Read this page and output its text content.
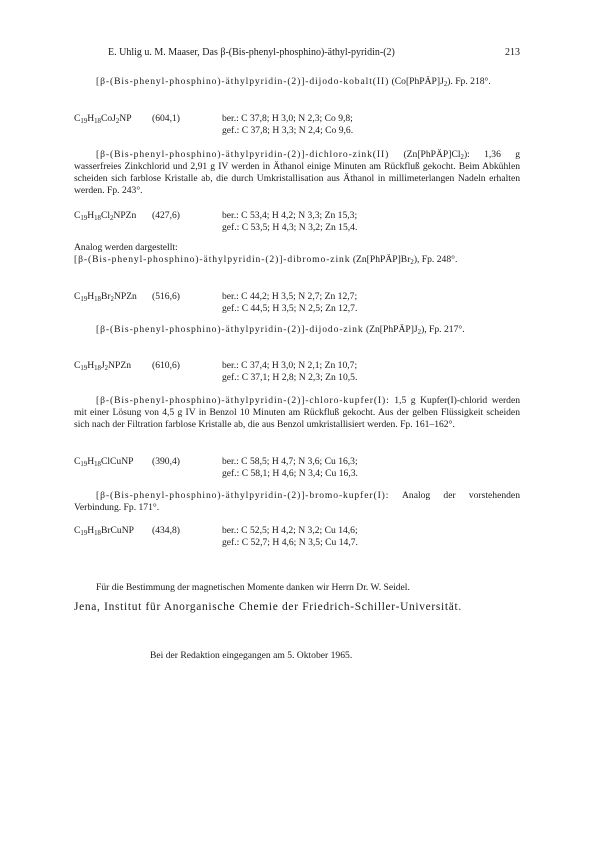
E. Uhlig u. M. Maaser, Das β-(Bis-phenyl-phosphino)-äthyl-pyridin-(2)	213

[β-(Bis-phenyl-phosphino)-äthylpyridin-(2)]-dijodo-kobalt(II) $(Co[PhPÄP]J_2)$. Fp. 218°.

$C_{19}H_{18}CoJ_2NP$ (604,1)	ber.: C 37,8; H 3,0; N 2,3; Co 9,8;
gef.: C 37,8; H 3,3; N 2,4; Co 9,6.

[β-(Bis-phenyl-phosphino)-äthylpyridin-(2)]-dichloro-zink(II) $(Zn[PhPÄP]Cl_2)$: 1,36 g wasserfreies Zinkchlorid und 2,91 g IV werden in Äthanol einige Minuten am Rückfluß gekocht. Beim Abkühlen scheiden sich farblose Kristalle ab, die durch Umkristallisation aus Äthanol in millimeterlangen Nadeln erhalten werden. Fp. 243°.

$C_{19}H_{18}Cl_2NPZn$ (427,6)	ber.: C 53,4; H 4,2; N 3,3; Zn 15,3;
gef.: C 53,5; H 4,3; N 3,2; Zn 15,4.

Analog werden dargestellt:

[β-(Bis-phenyl-phosphino)-äthylpyridin-(2)]-dibromo-zink $(Zn[PhPÄP]Br_2)$, Fp. 248°.

$C_{19}H_{18}Br_2NPZn$ (516,6)	ber.: C 44,2; H 3,5; N 2,7; Zn 12,7;
gef.: C 44,5; H 3,5; N 2,5; Zn 12,7.

[β-(Bis-phenyl-phosphino)-äthylpyridin-(2)]-dijodo-zink $(Zn[PhPÄP]J_2)$, Fp. 217°.

$C_{19}H_{18}J_2NPZn$ (610,6)	ber.: C 37,4; H 3,0; N 2,1; Zn 10,7;
gef.: C 37,1; H 2,8; N 2,3; Zn 10,5.

[β-(Bis-phenyl-phosphino)-äthylpyridin-(2)]-chloro-kupfer(I): 1,5 g Kupfer(I)-chlorid werden mit einer Lösung von 4,5 g IV in Benzol 10 Minuten am Rückfluß gekocht. Aus der gelben Flüssigkeit scheiden sich nach der Filtration farblose Kristalle ab, die aus Benzol umkristallisiert werden. Fp. 161–162°.

$C_{19}H_{18}ClCuNP$ (390,4)	ber.: C 58,5; H 4,7; N 3,6; Cu 16,3;
gef.: C 58,1; H 4,6; N 3,4; Cu 16,3.

[β-(Bis-phenyl-phosphino)-äthylpyridin-(2)]-bromo-kupfer(I): Analog der vorstehenden Verbindung. Fp. 171°.

$C_{19}H_{18}BrCuNP$ (434,8)	ber.: C 52,5; H 4,2; N 3,2; Cu 14,6;
gef.: C 52,7; H 4,6; N 3,5; Cu 14,7.

Für die Bestimmung der magnetischen Momente danken wir Herrn Dr. W. Seidel.

Jena, Institut für Anorganische Chemie der Friedrich-Schiller-Universität.

Bei der Redaktion eingegangen am 5. Oktober 1965.
